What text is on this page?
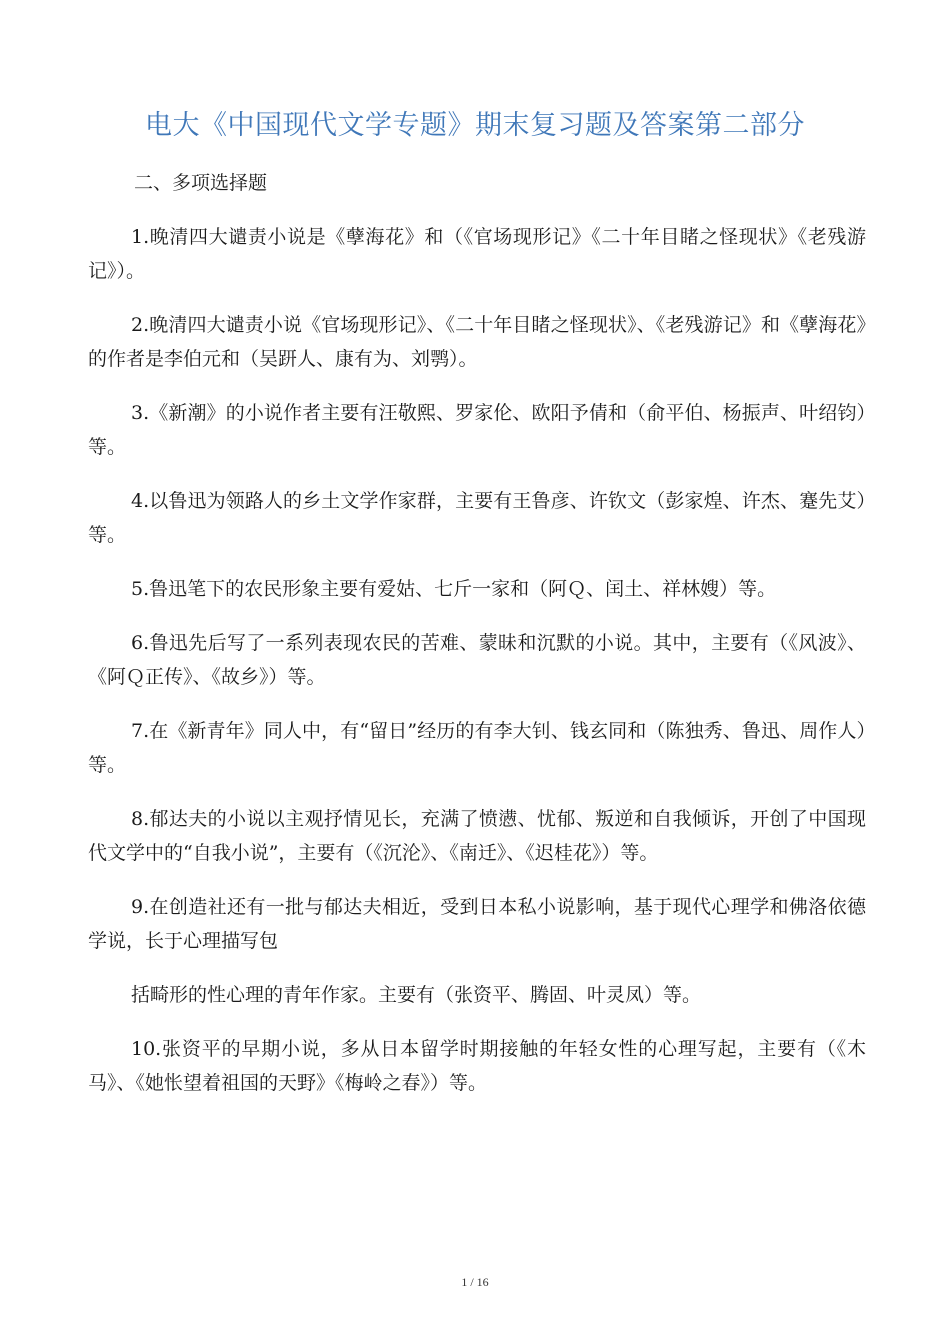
电大《中国现代文学专题》期末复习题及答案第二部分
二、多项选择题

1.晚清四大谴责小说是《孽海花》和（《官场现形记》《二十年目睹之怪现状》《老残游记》）。

2.晚清四大谴责小说《官场现形记》、《二十年目睹之怪现状》、《老残游记》和《孽海花》的作者是李伯元和（吴趼人、康有为、刘鹗）。

3.《新潮》的小说作者主要有汪敬熙、罗家伦、欧阳予倩和（俞平伯、杨振声、叶绍钧）等。

4.以鲁迅为领路人的乡土文学作家群，主要有王鲁彦、许钦文（彭家煌、许杰、蹇先艾）等。

5.鲁迅笔下的农民形象主要有爱姑、七斤一家和（阿Ｑ、闰土、祥林嫂）等。

6.鲁迅先后写了一系列表现农民的苦难、蒙昧和沉默的小说。其中，主要有（《风波》、《阿Ｑ正传》、《故乡》）等。

7.在《新青年》同人中，有“留日”经历的有李大钊、钱玄同和（陈独秀、鲁迅、周作人）等。

8.郁达夫的小说以主观抒情见长，充满了愤懑、忧郁、叛逆和自我倾诉，开创了中国现代文学中的“自我小说”，主要有（《沉沦》、《南迁》、《迟桂花》）等。

9.在创造社还有一批与郁达夫相近，受到日本私小说影响，基于现代心理学和佛洛依德学说，长于心理描写包

括畸形的性心理的青年作家。主要有（张资平、腾固、叶灵凤）等。

10.张资平的早期小说，多从日本留学时期接触的年轻女性的心理写起，主要有（《木马》、《她怅望着祖国的天野》《梅岭之春》）等。

1 / 16
